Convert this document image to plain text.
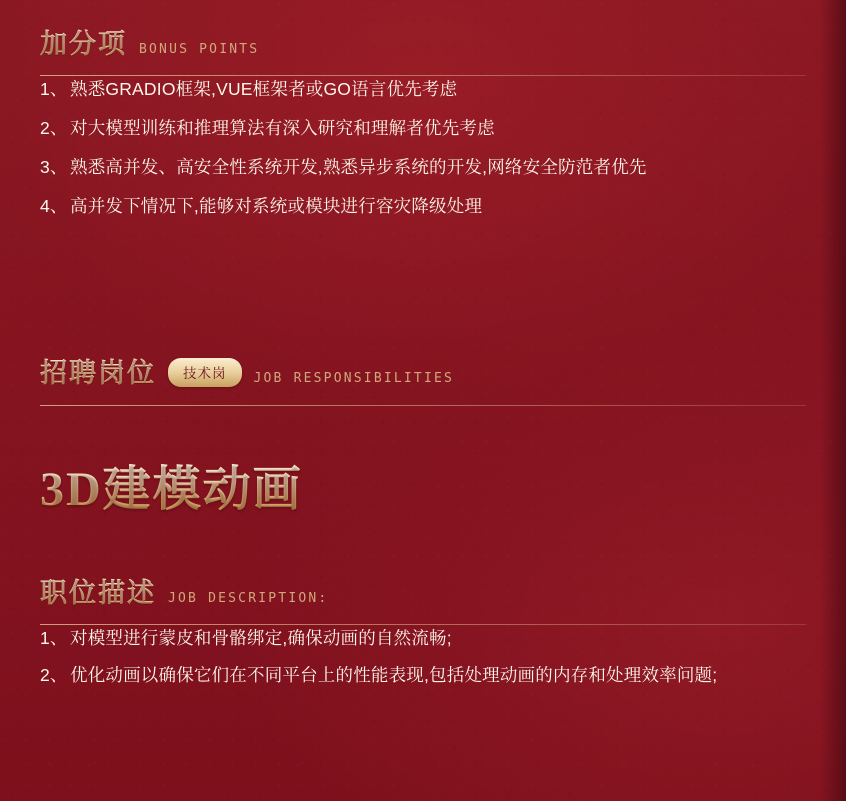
加分项 BONUS POINTS
1、 熟悉GRADIO框架,VUE框架者或GO语言优先考虑
2、 对大模型训练和推理算法有深入研究和理解者优先考虑
3、 熟悉高并发、高安全性系统开发,熟悉异步系统的开发,网络安全防范者优先
4、 高并发下情况下,能够对系统或模块进行容灾降级处理
招聘岗位	技术岗	JOB RESPONSIBILITIES
3D建模动画
职位描述 JOB DESCRIPTION:
1、 对模型进行蒙皮和骨骼绑定,确保动画的自然流畅;
2、 优化动画以确保它们在不同平台上的性能表现,包括处理动画的内存和处理效率问题;
